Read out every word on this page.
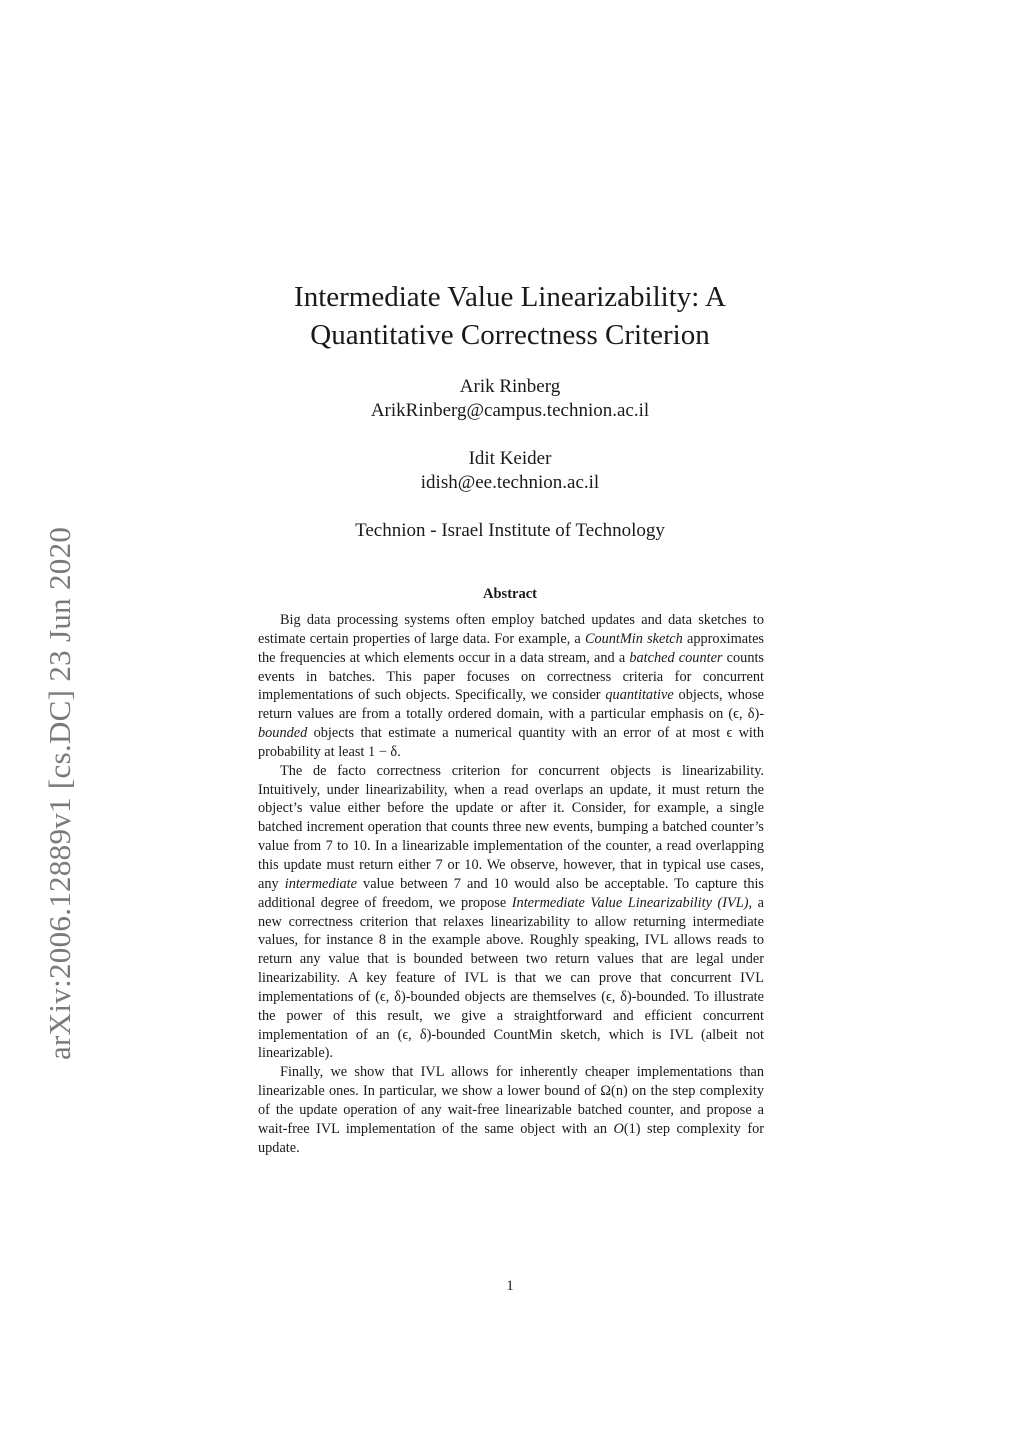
arXiv:2006.12889v1 [cs.DC] 23 Jun 2020
Intermediate Value Linearizability: A
Quantitative Correctness Criterion
Arik Rinberg
ArikRinberg@campus.technion.ac.il
Idit Keider
idish@ee.technion.ac.il
Technion - Israel Institute of Technology
Abstract

Big data processing systems often employ batched updates and data sketches to estimate certain properties of large data. For example, a CountMin sketch approximates the frequencies at which elements occur in a data stream, and a batched counter counts events in batches. This paper focuses on correctness criteria for concurrent implementations of such objects. Specifically, we consider quantitative objects, whose return values are from a totally ordered domain, with a particular emphasis on (ϵ, δ)-bounded objects that estimate a numerical quantity with an error of at most ϵ with probability at least 1 − δ.

The de facto correctness criterion for concurrent objects is linearizability. Intuitively, under linearizability, when a read overlaps an update, it must return the object’s value either before the update or after it. Consider, for example, a single batched increment operation that counts three new events, bumping a batched counter’s value from 7 to 10. In a linearizable implementation of the counter, a read overlapping this update must return either 7 or 10. We observe, however, that in typical use cases, any intermediate value between 7 and 10 would also be acceptable. To capture this additional degree of freedom, we propose Intermediate Value Linearizability (IVL), a new correctness criterion that relaxes linearizability to allow returning intermediate values, for instance 8 in the example above. Roughly speaking, IVL allows reads to return any value that is bounded between two return values that are legal under linearizability. A key feature of IVL is that we can prove that concurrent IVL implementations of (ϵ, δ)-bounded objects are themselves (ϵ, δ)-bounded. To illustrate the power of this result, we give a straightforward and efficient concurrent implementation of an (ϵ, δ)-bounded CountMin sketch, which is IVL (albeit not linearizable).

Finally, we show that IVL allows for inherently cheaper implementations than linearizable ones. In particular, we show a lower bound of Ω(n) on the step complexity of the update operation of any wait-free linearizable batched counter, and propose a wait-free IVL implementation of the same object with an O(1) step complexity for update.

1
